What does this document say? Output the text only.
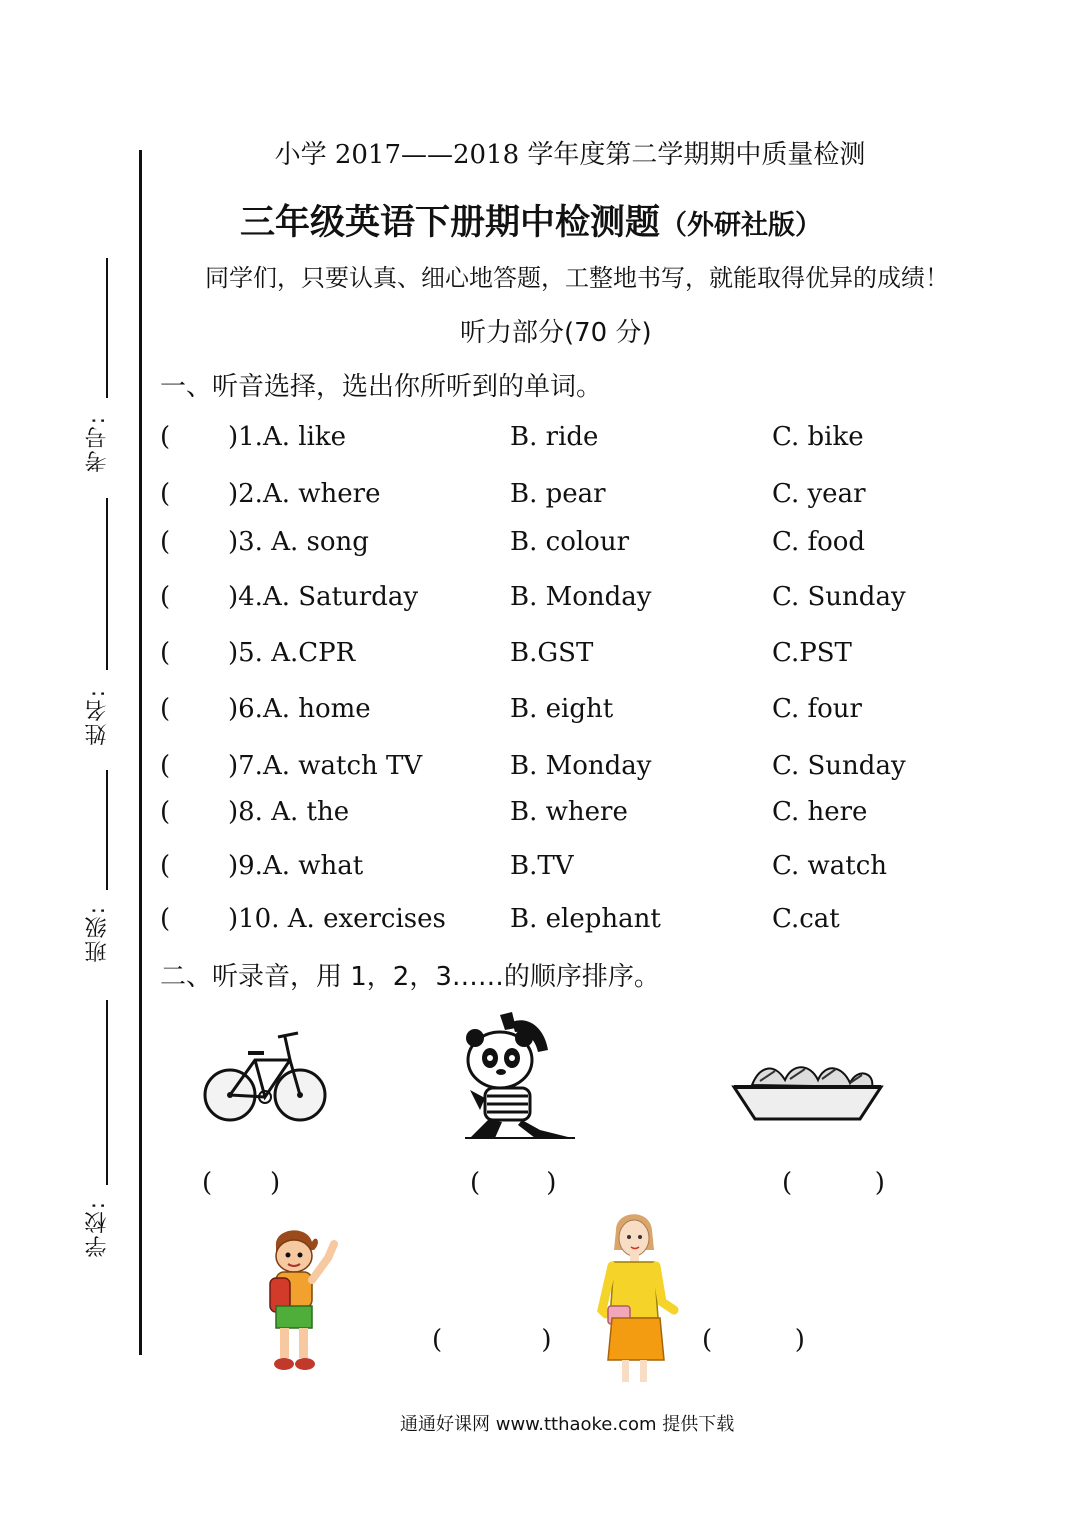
考号:
姓名:
班级:
学校:
小学 2017——2018 学年度第二学期期中质量检测
三年级英语下册期中检测题（外研社版）
同学们，只要认真、细心地答题，工整地书写，就能取得优异的成绩！
听力部分(70 分)
一、听音选择，选出你所听到的单词。
( )1.A. like	B. ride	C. bike
( )2.A. where	B. pear	C. year
( )3. A. song	B. colour	C. food
( )4.A. Saturday	B. Monday	C. Sunday
( )5. A.CPR	B.GST	C.PST
( )6.A. home	B. eight	C. four
( )7.A. watch TV	B. Monday	C. Sunday
( )8. A. the	B. where	C. here
( )9.A. what	B.TV	C. watch
( )10. A. exercises B. elephant	C.cat
二、听录音，用 1，2，3……的顺序排序。
(       )	(        )	(          )
(            )	(          )
通通好课网 www.tthaoke.com 提供下载
